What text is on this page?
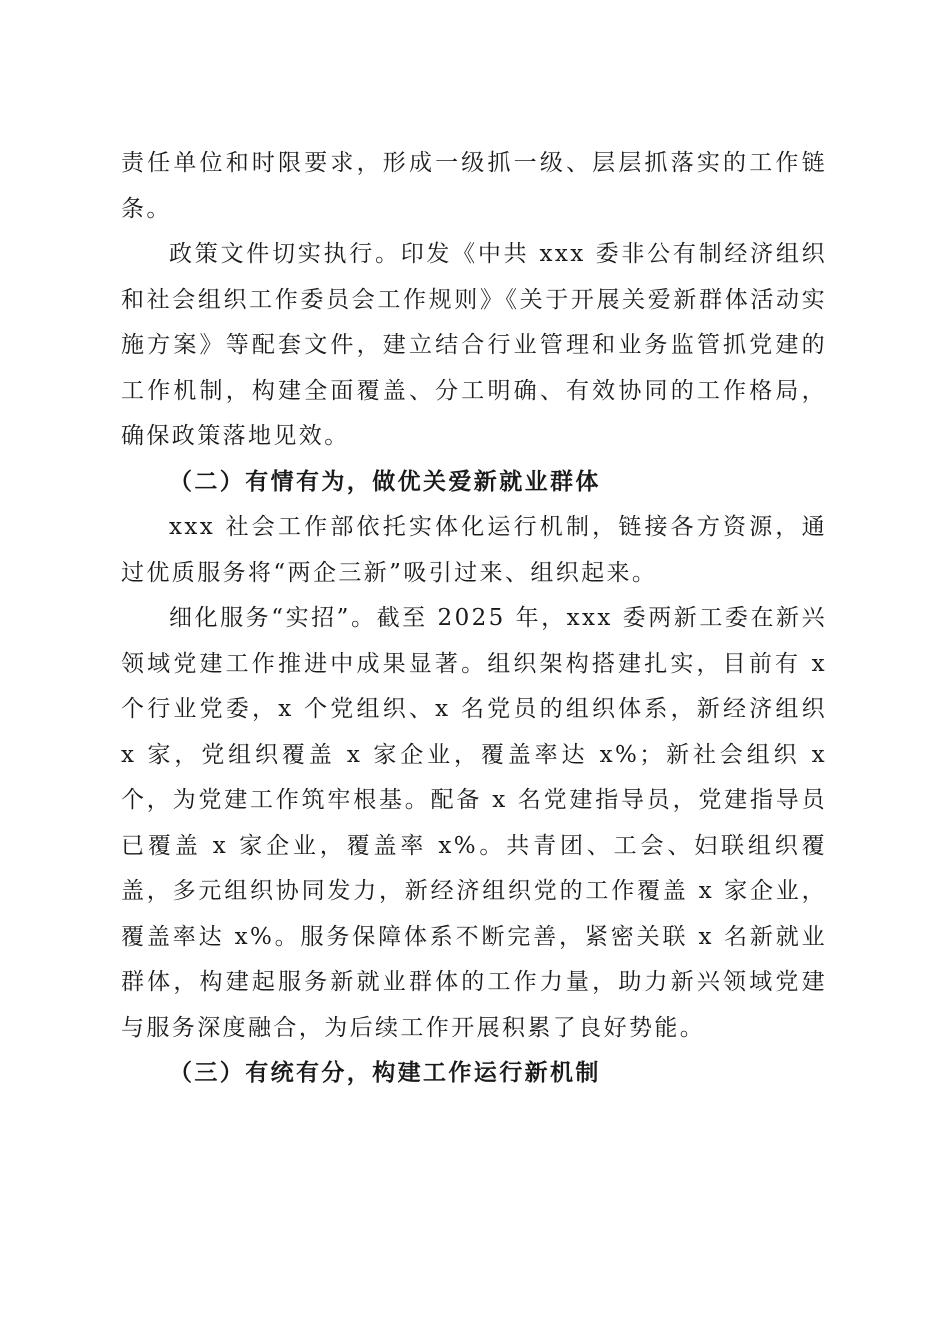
责任单位和时限要求，形成一级抓一级、层层抓落实的工作链条。

政策文件切实执行。印发《中共 xxx 委非公有制经济组织和社会组织工作委员会工作规则》《关于开展关爱新群体活动实施方案》等配套文件，建立结合行业管理和业务监管抓党建的工作机制，构建全面覆盖、分工明确、有效协同的工作格局，确保政策落地见效。

（二）有情有为，做优关爱新就业群体

xxx 社会工作部依托实体化运行机制，链接各方资源，通过优质服务将“两企三新”吸引过来、组织起来。

细化服务“实招”。截至 2025 年，xxx 委两新工委在新兴领域党建工作推进中成果显著。组织架构搭建扎实，目前有 x 个行业党委，x 个党组织、x 名党员的组织体系，新经济组织 x 家，党组织覆盖 x 家企业，覆盖率达 x%；新社会组织 x 个，为党建工作筑牢根基。配备 x 名党建指导员，党建指导员已覆盖 x 家企业，覆盖率 x%。共青团、工会、妇联组织覆盖，多元组织协同发力，新经济组织党的工作覆盖 x 家企业，覆盖率达 x%。服务保障体系不断完善，紧密关联 x 名新就业群体，构建起服务新就业群体的工作力量，助力新兴领域党建与服务深度融合，为后续工作开展积累了良好势能。

（三）有统有分，构建工作运行新机制
